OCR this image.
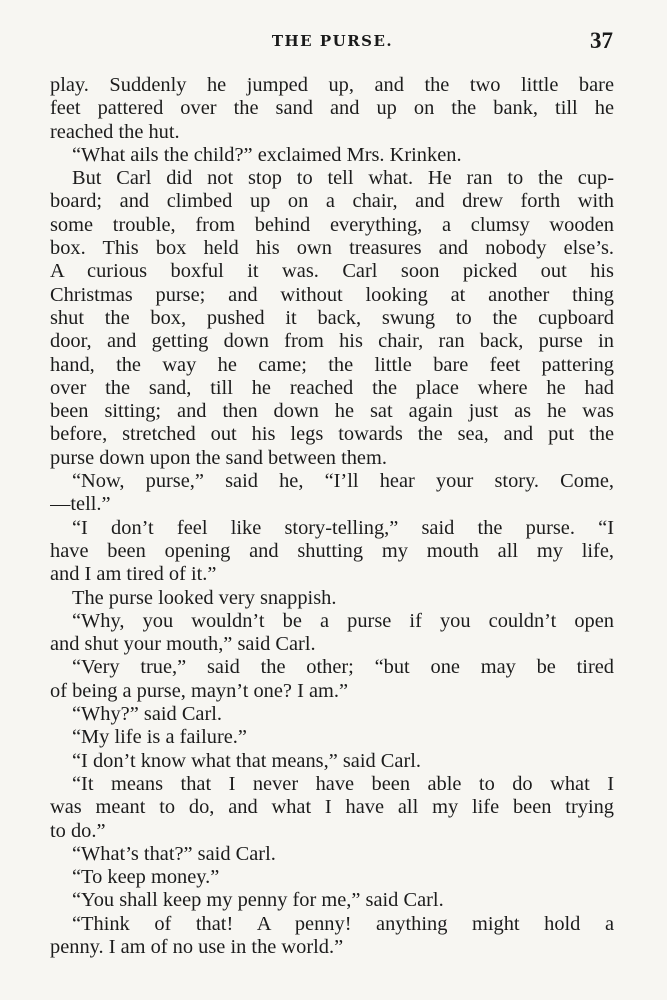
THE PURSE.	37
play. Suddenly he jumped up, and the two little bare
feet pattered over the sand and up on the bank, till he
reached the hut.
“What ails the child?” exclaimed Mrs. Krinken.
But Carl did not stop to tell what. He ran to the cup-
board; and climbed up on a chair, and drew forth with
some trouble, from behind everything, a clumsy wooden
box. This box held his own treasures and nobody else’s.
A curious boxful it was. Carl soon picked out his
Christmas purse; and without looking at another thing
shut the box, pushed it back, swung to the cupboard
door, and getting down from his chair, ran back, purse in
hand, the way he came; the little bare feet pattering
over the sand, till he reached the place where he had
been sitting; and then down he sat again just as he was
before, stretched out his legs towards the sea, and put the
purse down upon the sand between them.
“Now, purse,” said he, “I’ll hear your story. Come,
—tell.”
“I don’t feel like story-telling,” said the purse. “I
have been opening and shutting my mouth all my life,
and I am tired of it.”
The purse looked very snappish.
“Why, you wouldn’t be a purse if you couldn’t open
and shut your mouth,” said Carl.
“Very true,” said the other; “but one may be tired
of being a purse, mayn’t one? I am.”
“Why?” said Carl.
“My life is a failure.”
“I don’t know what that means,” said Carl.
“It means that I never have been able to do what I
was meant to do, and what I have all my life been trying
to do.”
“What’s that?” said Carl.
“To keep money.”
“You shall keep my penny for me,” said Carl.
“Think of that! A penny! anything might hold a
penny. I am of no use in the world.”
